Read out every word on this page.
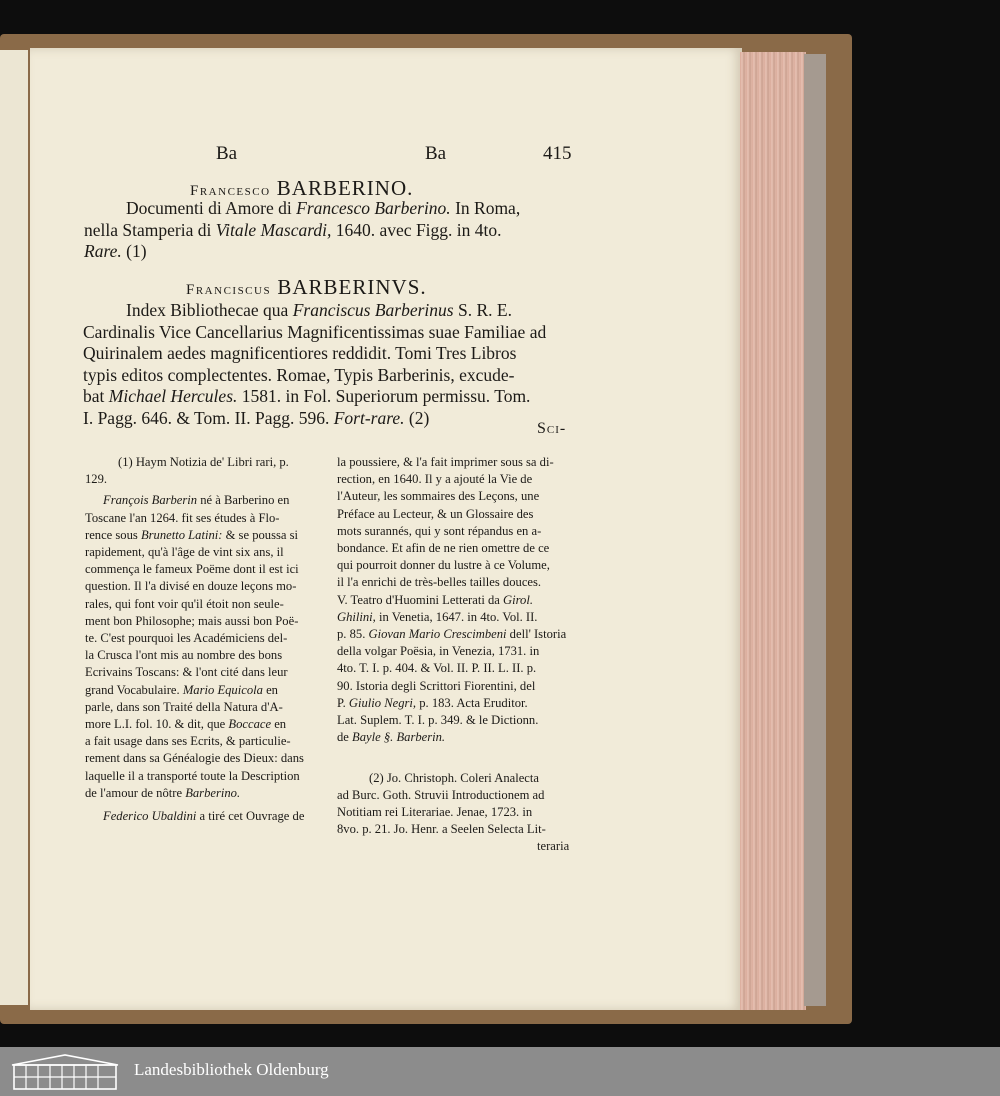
Ba	Ba	415
Francesco BARBERINO.
Documenti di Amore di Francesco Barberino. In Roma,
nella Stamperia di Vitale Mascardi, 1640. avec Figg. in 4to.
Rare. (1)
Franciscus BARBERINVS.
Index Bibliothecae qua Franciscus Barberinus S. R. E.
Cardinalis Vice Cancellarius Magnificentissimas suae Familiae ad
Quirinalem aedes magnificentiores reddidit. Tomi Tres Libros
typis editos complectentes. Romae, Typis Barberinis, excude-
bat Michael Hercules. 1581. in Fol. Superiorum permissu. Tom.
I. Pagg. 646. & Tom. II. Pagg. 596. Fort-rare. (2)
Sci-
(1) Haym Notizia de' Libri rari, p.
129.
François Barberin né à Barberino en
Toscane l'an 1264. fit ses études à Flo-
rence sous Brunetto Latini: & se poussa si
rapidement, qu'à l'âge de vint six ans, il
commença le fameux Poëme dont il est ici
question. Il l'a divisé en douze leçons mo-
rales, qui font voir qu'il étoit non seule-
ment bon Philosophe; mais aussi bon Poë-
te. C'est pourquoi les Académiciens del-
la Crusca l'ont mis au nombre des bons
Ecrivains Toscans: & l'ont cité dans leur
grand Vocabulaire. Mario Equicola en
parle, dans son Traité della Natura d'A-
more L.I. fol. 10. & dit, que Boccace en
a fait usage dans ses Ecrits, & particulie-
rement dans sa Généalogie des Dieux: dans
laquelle il a transporté toute la Description
de l'amour de nôtre Barberino.
Federico Ubaldini a tiré cet Ouvrage de
la poussiere, & l'a fait imprimer sous sa di-
rection, en 1640. Il y a ajouté la Vie de
l'Auteur, les sommaires des Leçons, une
Préface au Lecteur, & un Glossaire des
mots surannés, qui y sont répandus en a-
bondance. Et afin de ne rien omettre de ce
qui pourroit donner du lustre à ce Volume,
il l'a enrichi de très-belles tailles douces.
V. Teatro d'Huomini Letterati da Girol.
Ghilini, in Venetia, 1647. in 4to. Vol. II.
p. 85. Giovan Mario Crescimbeni dell' Istoria
della volgar Poësia, in Venezia, 1731. in
4to. T. I. p. 404. & Vol. II. P. II. L. II. p.
90. Istoria degli Scrittori Fiorentini, del
P. Giulio Negri, p. 183. Acta Eruditor.
Lat. Suplem. T. I. p. 349. & le Dictionn.
de Bayle §. Barberin.
(2) Jo. Christoph. Coleri Analecta
ad Burc. Goth. Struvii Introductionem ad
Notitiam rei Literariae. Jenae, 1723. in
8vo. p. 21. Jo. Henr. a Seelen Selecta Lit-
teraria
Landesbibliothek Oldenburg
